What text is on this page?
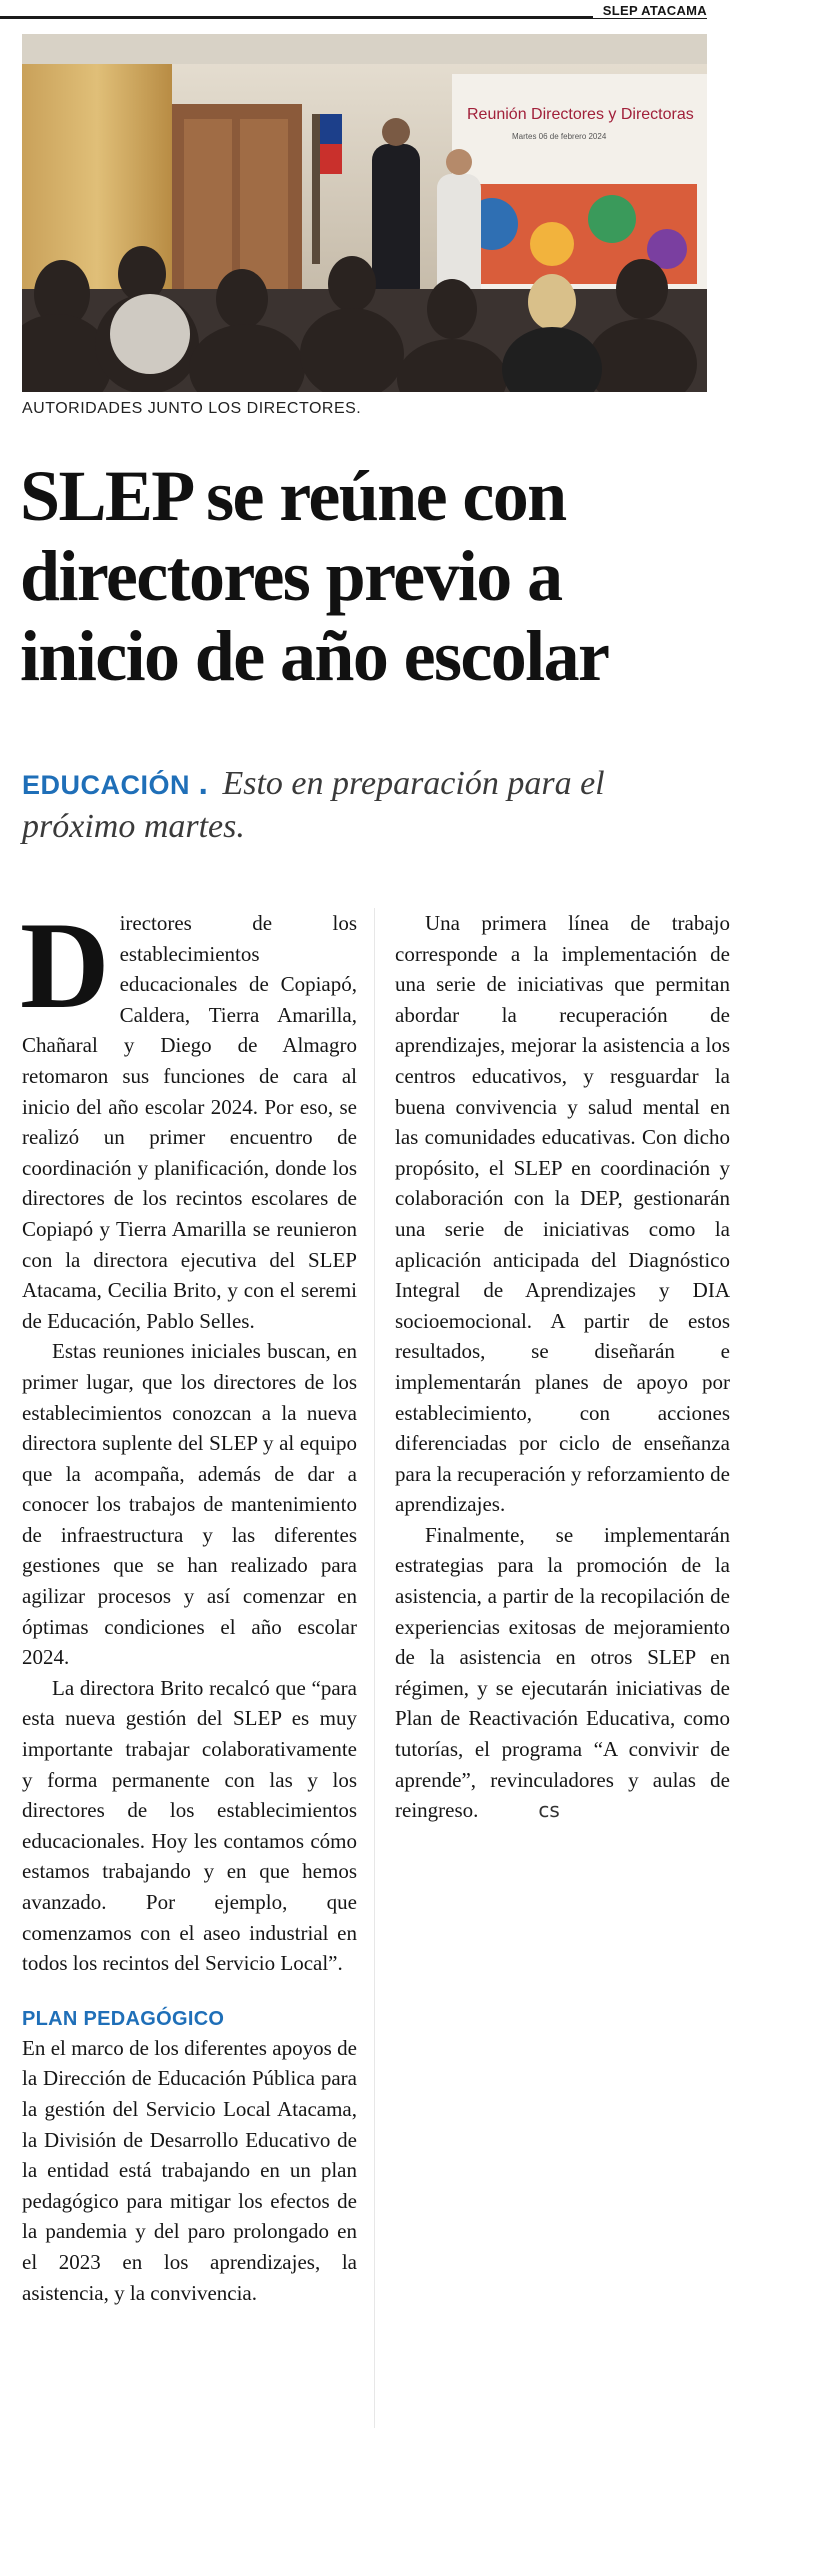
SLEP ATACAMA
Reunión Directores y Directoras
Martes 06 de febrero 2024
AUTORIDADES JUNTO LOS DIRECTORES.
SLEP se reúne con directores previo a inicio de año escolar
EDUCACIÓN . Esto en preparación para el próximo martes.

Directores de los establecimientos educacionales de Copiapó, Caldera, Tierra Amarilla, Chañaral y Diego de Almagro retomaron sus funciones de cara al inicio del año escolar 2024. Por eso, se realizó un primer encuentro de coordinación y planificación, donde los directores de los recintos escolares de Copiapó y Tierra Amarilla se reunieron con la directora ejecutiva del SLEP Atacama, Cecilia Brito, y con el seremi de Educación, Pablo Selles.

Estas reuniones iniciales buscan, en primer lugar, que los directores de los establecimientos conozcan a la nueva directora suplente del SLEP y al equipo que la acompaña, además de dar a conocer los trabajos de mantenimiento de infraestructura y las diferentes gestiones que se han realizado para agilizar procesos y así comenzar en óptimas condiciones el año escolar 2024.

La directora Brito recalcó que “para esta nueva gestión del SLEP es muy importante trabajar colaborativamente y forma permanente con las y los directores de los establecimientos educacionales. Hoy les contamos cómo estamos trabajando y en que hemos avanzado. Por ejemplo, que comenzamos con el aseo industrial en todos los recintos del Servicio Local”.

PLAN PEDAGÓGICO

En el marco de los diferentes apoyos de la Dirección de Educación Pública para la gestión del Servicio Local Atacama, la División de Desarrollo Educativo de la entidad está trabajando en un plan pedagógico para mitigar los efectos de la pandemia y del paro prolongado en el 2023 en los aprendizajes, la asistencia, y la convivencia.

Una primera línea de trabajo corresponde a la implementación de una serie de iniciativas que permitan abordar la recuperación de aprendizajes, mejorar la asistencia a los centros educativos, y resguardar la buena convivencia y salud mental en las comunidades educativas. Con dicho propósito, el SLEP en coordinación y colaboración con la DEP, gestionarán una serie de iniciativas como la aplicación anticipada del Diagnóstico Integral de Aprendizajes y DIA socioemocional. A partir de estos resultados, se diseñarán e implementarán planes de apoyo por establecimiento, con acciones diferenciadas por ciclo de enseñanza para la recuperación y reforzamiento de aprendizajes.

Finalmente, se implementarán estrategias para la promoción de la asistencia, a partir de la recopilación de experiencias exitosas de mejoramiento de la asistencia en otros SLEP en régimen, y se ejecutarán iniciativas de Plan de Reactivación Educativa, como tutorías, el programa “A convivir de aprende”, revinculadores y aulas de reingreso.	cs
